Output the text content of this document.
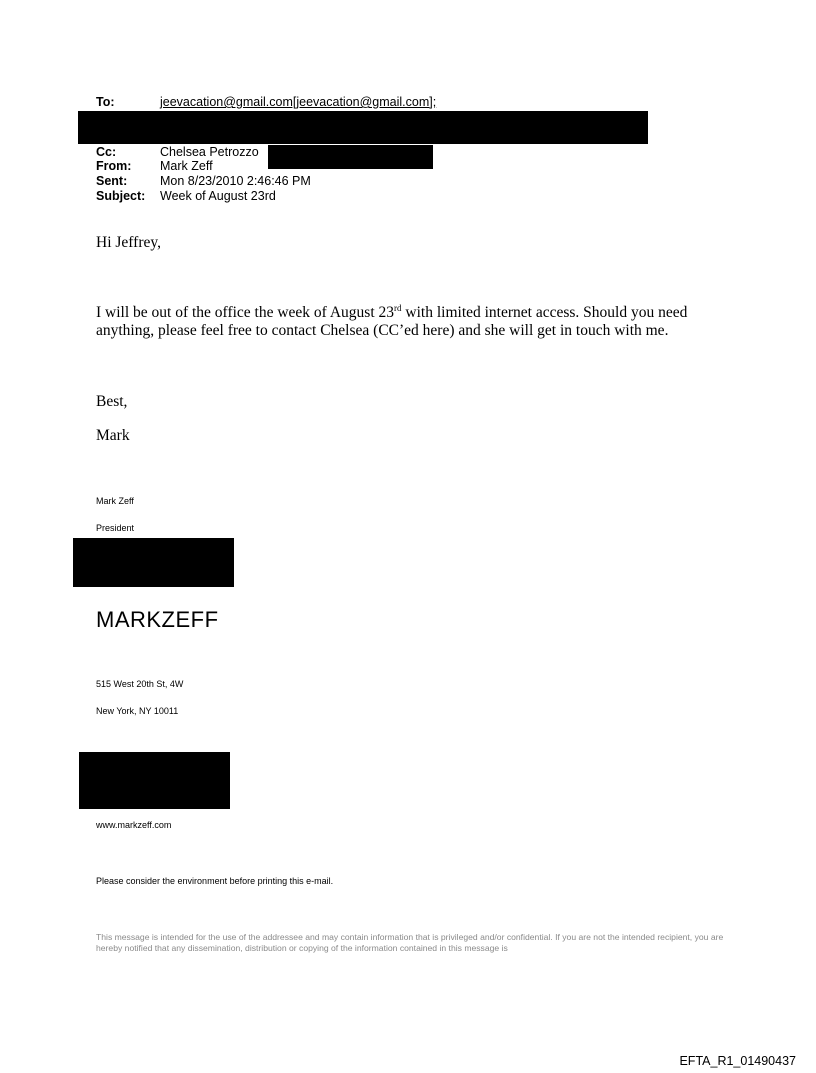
To:	jeevacation@gmail.com[jeevacation@gmail.com];
Cc:	Chelsea Petrozzo
From: Mark Zeff
Sent:	Mon 8/23/2010 2:46:46 PM
Subject: Week of August 23rd
Hi Jeffrey,
I will be out of the office the week of August 23rd with limited internet access. Should you need anything, please feel free to contact Chelsea (CC’ed here) and she will get in touch with me.
Best,
Mark
Mark Zeff
President
MARKZEFF
515 West 20th St, 4W
New York, NY 10011
www.markzeff.com
Please consider the environment before printing this e-mail.
This message is intended for the use of the addressee and may contain information that is privileged and/or confidential. If you are not the intended recipient, you are hereby notified that any dissemination, distribution or copying of the information contained in this message is
EFTA_R1_01490437
